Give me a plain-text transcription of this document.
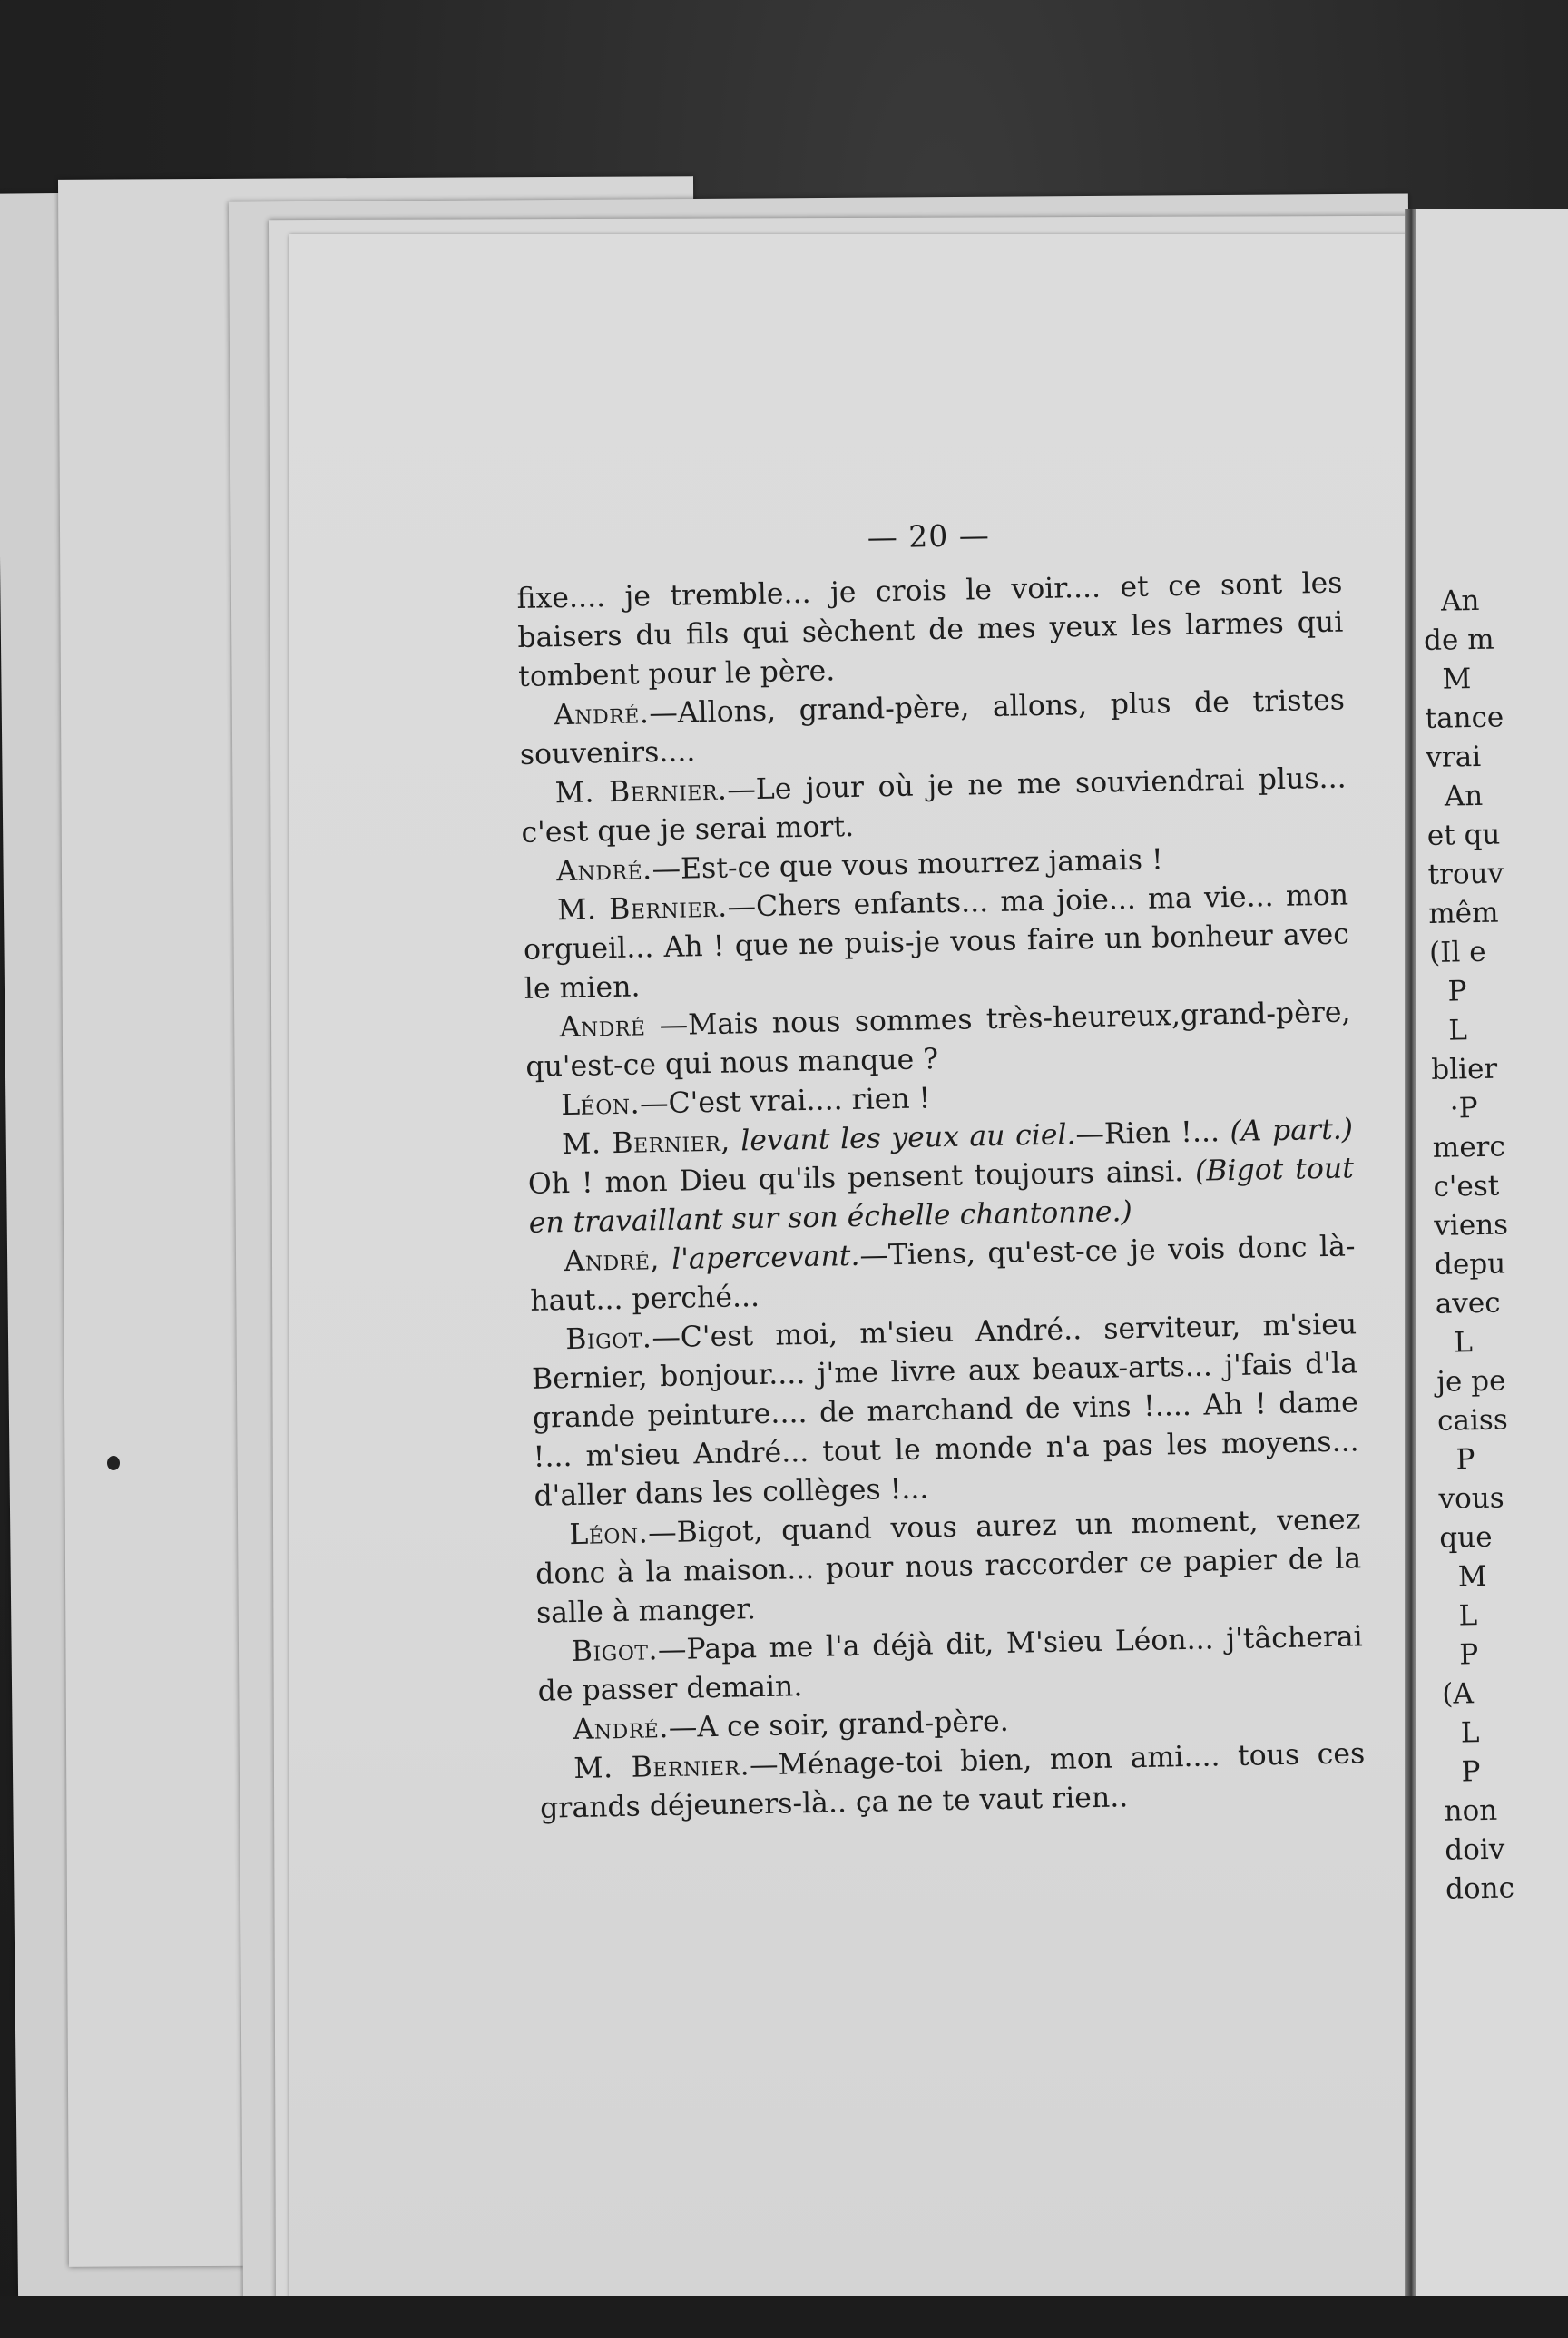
— 20 —

fixe.... je tremble... je crois le voir.... et ce sont les baisers du fils qui sèchent de mes yeux les larmes qui tombent pour le père.

André.—Allons, grand-père, allons, plus de tristes souvenirs....

M. Bernier.—Le jour où je ne me souviendrai plus... c'est que je serai mort.

André.—Est-ce que vous mourrez jamais !

M. Bernier.—Chers enfants... ma joie... ma vie... mon orgueil... Ah ! que ne puis-je vous faire un bonheur avec le mien.

André —Mais nous sommes très-heureux,grand-père, qu'est-ce qui nous manque ?

Léon.—C'est vrai.... rien !

M. Bernier, levant les yeux au ciel.—Rien !... (A part.) Oh ! mon Dieu qu'ils pensent toujours ainsi. (Bigot tout en travaillant sur son échelle chantonne.)

André, l'apercevant.—Tiens, qu'est-ce je vois donc là-haut... perché...

Bigot.—C'est moi, m'sieu André.. serviteur, m'sieu Bernier, bonjour.... j'me livre aux beaux-arts... j'fais d'la grande peinture.... de marchand de vins !.... Ah ! dame !... m'sieu André... tout le monde n'a pas les moyens... d'aller dans les collèges !...

Léon.—Bigot, quand vous aurez un moment, venez donc à la maison... pour nous raccorder ce papier de la salle à manger.

Bigot.—Papa me l'a déjà dit, M'sieu Léon... j'tâcherai de passer demain.

André.—A ce soir, grand-père.

M. Bernier.—Ménage-toi bien, mon ami.... tous ces grands déjeuners-là.. ça ne te vaut rien..

An
de m
M
tance
vrai
An
et qu
trouv
mêm
(Il e
P
L
blier
·P
merc
c'est
viens
depu
avec
L
je pe
caiss
P
vous
que
M
L
P
(A
L
P
non
doiv
donc
